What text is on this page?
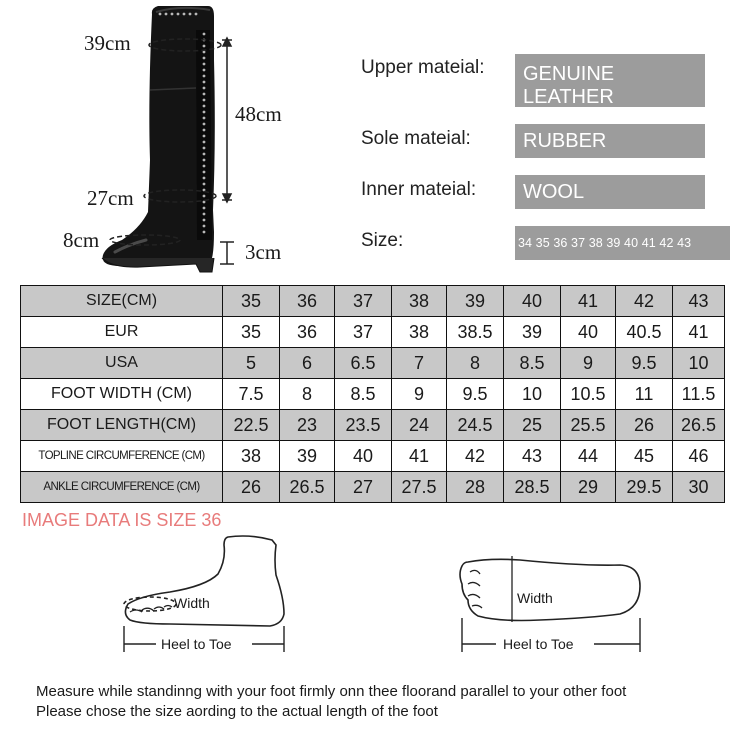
39cm
48cm
27cm
8cm	3cm
Upper mateial:	GENUINE LEATHER
Sole mateial:	RUBBER
Inner mateial:	WOOL
Size:	34 35 36 37 38 39 40 41 42 43
SIZE(CM)	35	36	37	38	39	40	41	42	43
EUR	35	36	37	38	38.5	39	40	40.5	41
USA	5	6	6.5	7	8	8.5	9	9.5	10
FOOT WIDTH (CM)	7.5	8	8.5	9	9.5	10	10.5	11	11.5
FOOT LENGTH(CM)	22.5	23	23.5	24	24.5	25	25.5	26	26.5
TOPLINE CIRCUMFERENCE (CM)	38	39	40	41	42	43	44	45	46
ANKLE CIRCUMFERENCE (CM)	26	26.5	27	27.5	28	28.5	29	29.5	30
IMAGE DATA IS SIZE 36
Width
Heel to Toe
Width
Heel to Toe
Measure while standinng with your foot firmly onn thee floorand parallel to your other foot
Please chose the size aording to the actual length of the foot
